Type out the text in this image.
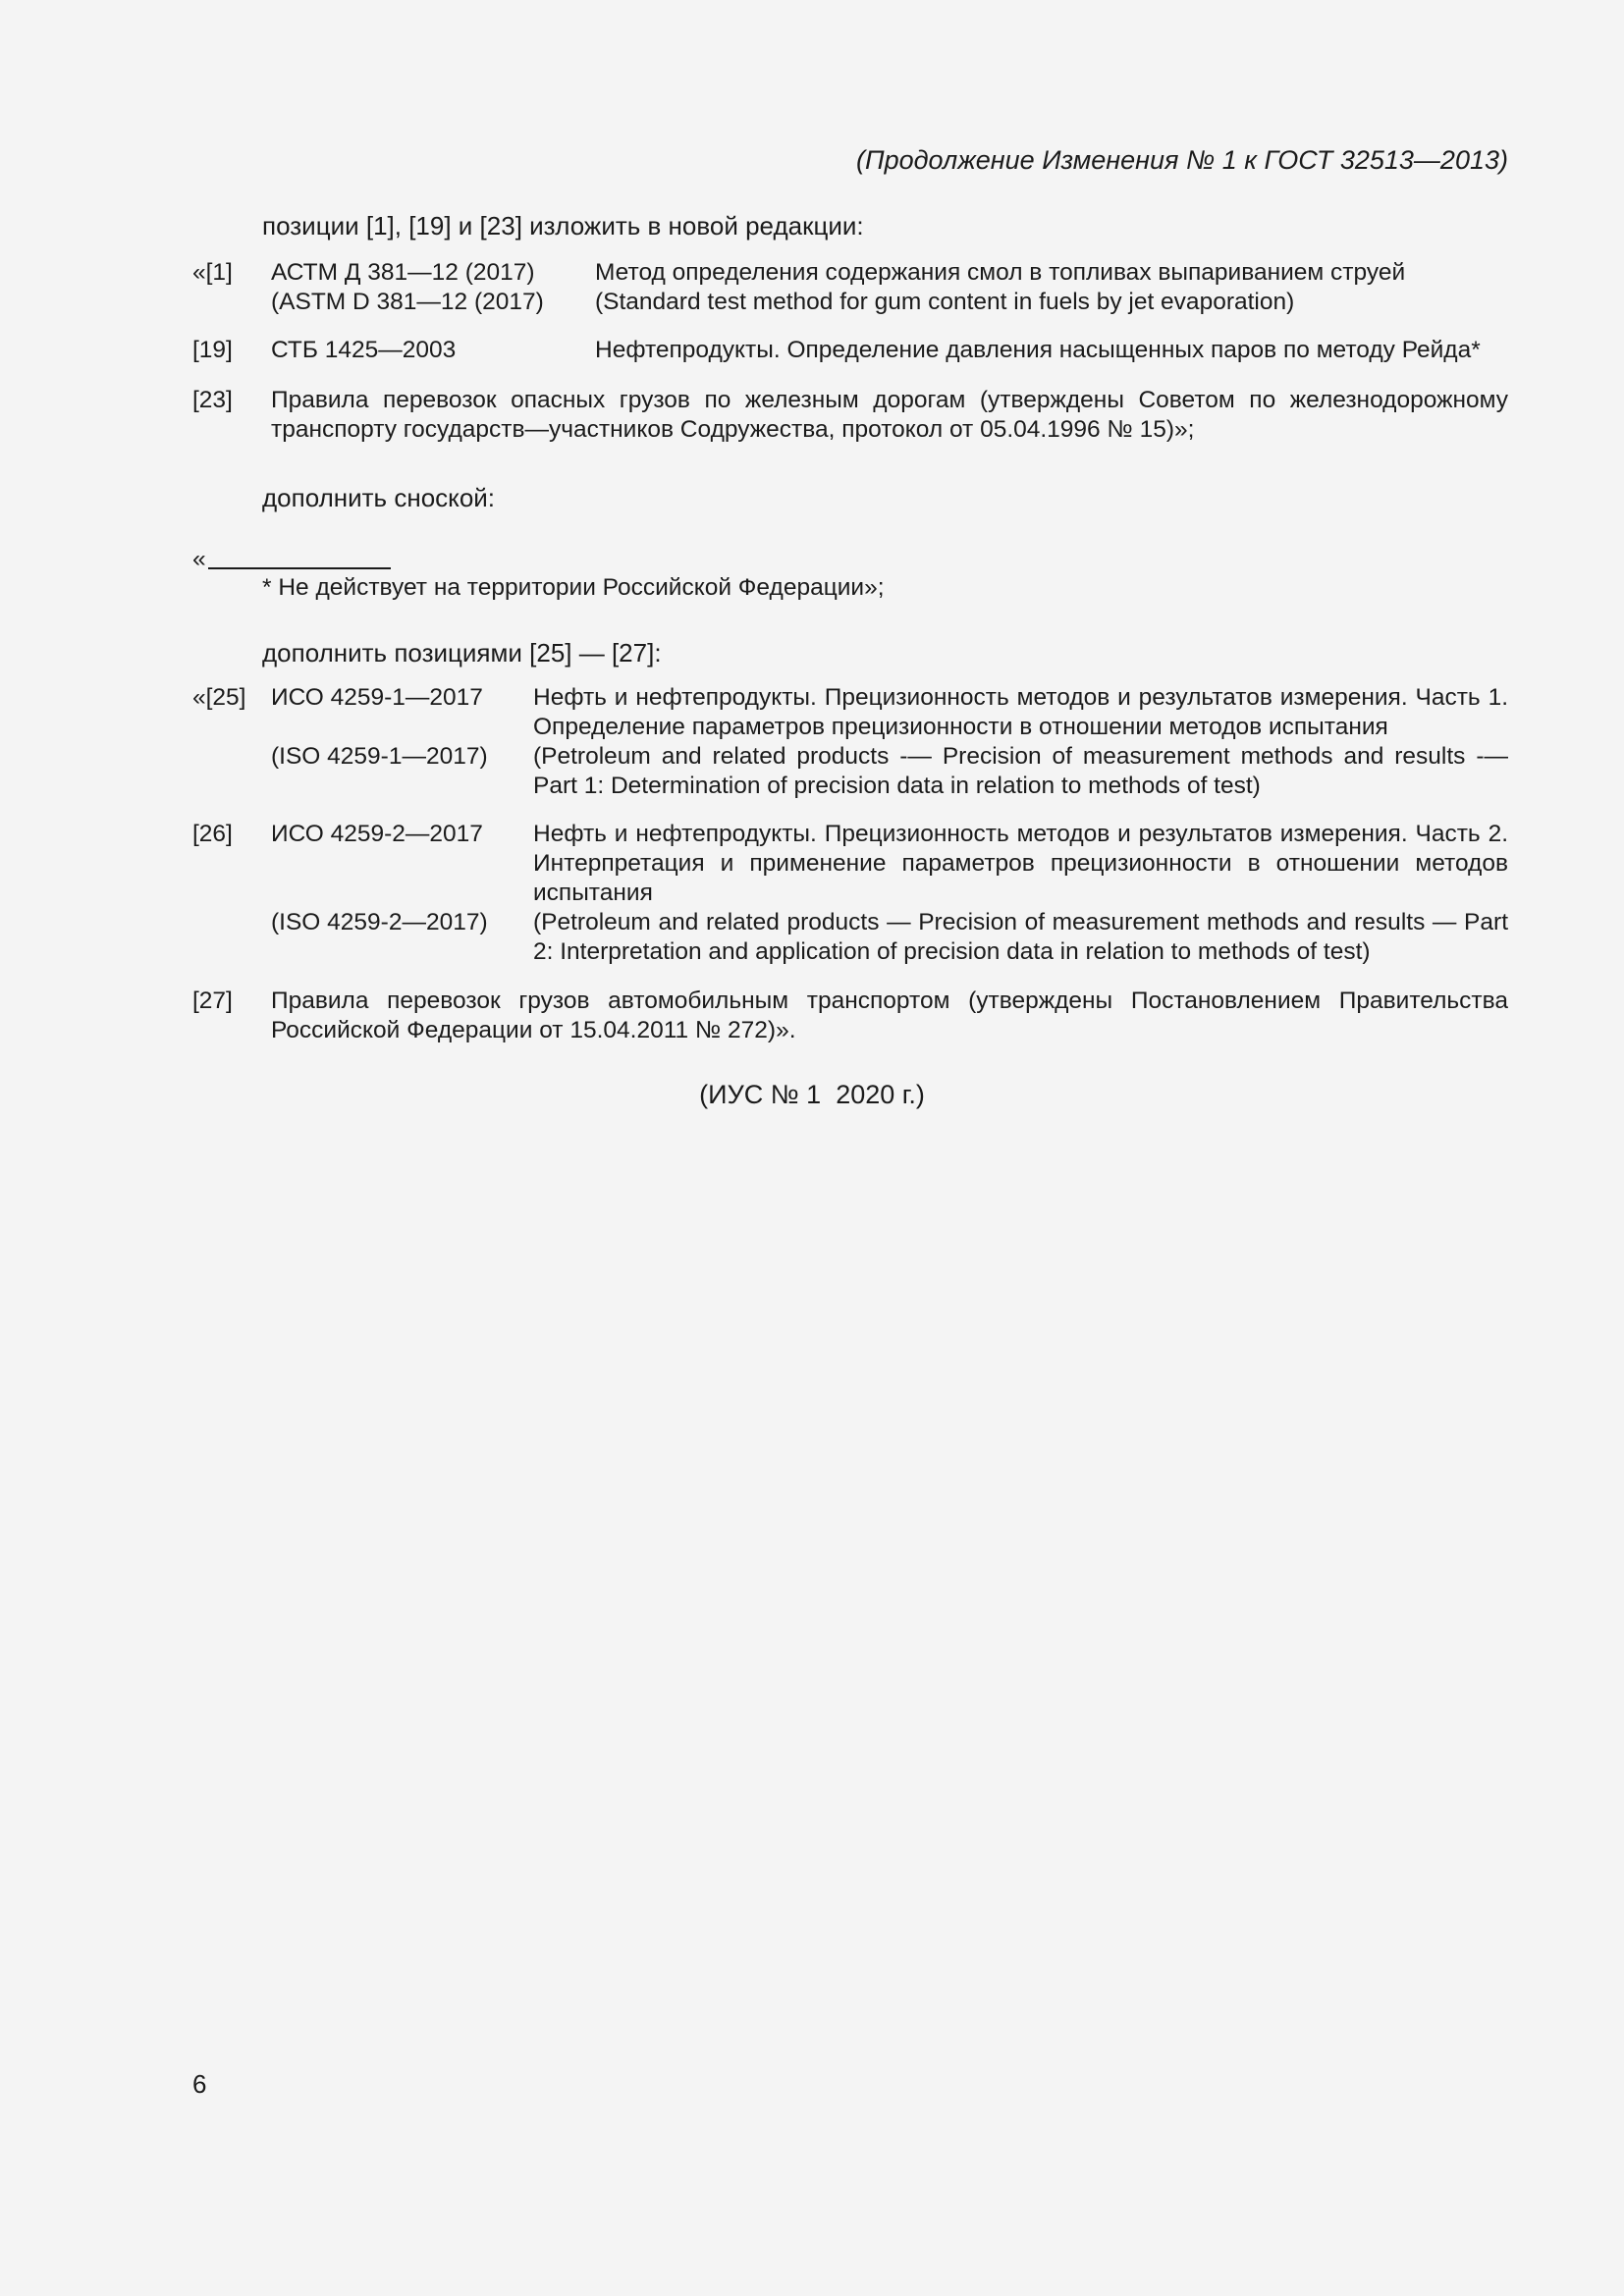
(Продолжение Изменения № 1 к ГОСТ 32513—2013)
позиции [1], [19] и [23] изложить в новой редакции:
«[1] АСТМ Д 381—12 (2017)	Метод определения содержания смол в топливах выпариванием струей
(ASTM D 381—12 (2017) (Standard test method for gum content in fuels by jet evaporation)
[19] СТБ 1425—2003	Нефтепродукты. Определение давления насыщенных паров по методу Рейда*
[23] Правила перевозок опасных грузов по железным дорогам (утверждены Советом по железнодорожному транспорту государств—участников Содружества, протокол от 05.04.1996 № 15)»;
дополнить сноской:
«
* Не действует на территории Российской Федерации»;
дополнить позициями [25] — [27]:
«[25] ИСО 4259-1—2017 Нефть и нефтепродукты. Прецизионность методов и результатов измерения. Часть 1. Определение параметров прецизионности в отношении методов испытания
(ISO 4259-1—2017) (Petroleum and related products -— Precision of measurement methods and results -— Part 1: Determination of precision data in relation to methods of test)
[26] ИСО 4259-2—2017 Нефть и нефтепродукты. Прецизионность методов и результатов измерения. Часть 2. Интерпретация и применение параметров прецизионности в отношении методов испытания
(ISO 4259-2—2017) (Petroleum and related products — Precision of measurement methods and results — Part 2: Interpretation and application of precision data in relation to methods of test)
[27] Правила перевозок грузов автомобильным транспортом (утверждены Постановлением Правительства Российской Федерации от 15.04.2011 № 272)».
(ИУС № 1  2020 г.)
6
